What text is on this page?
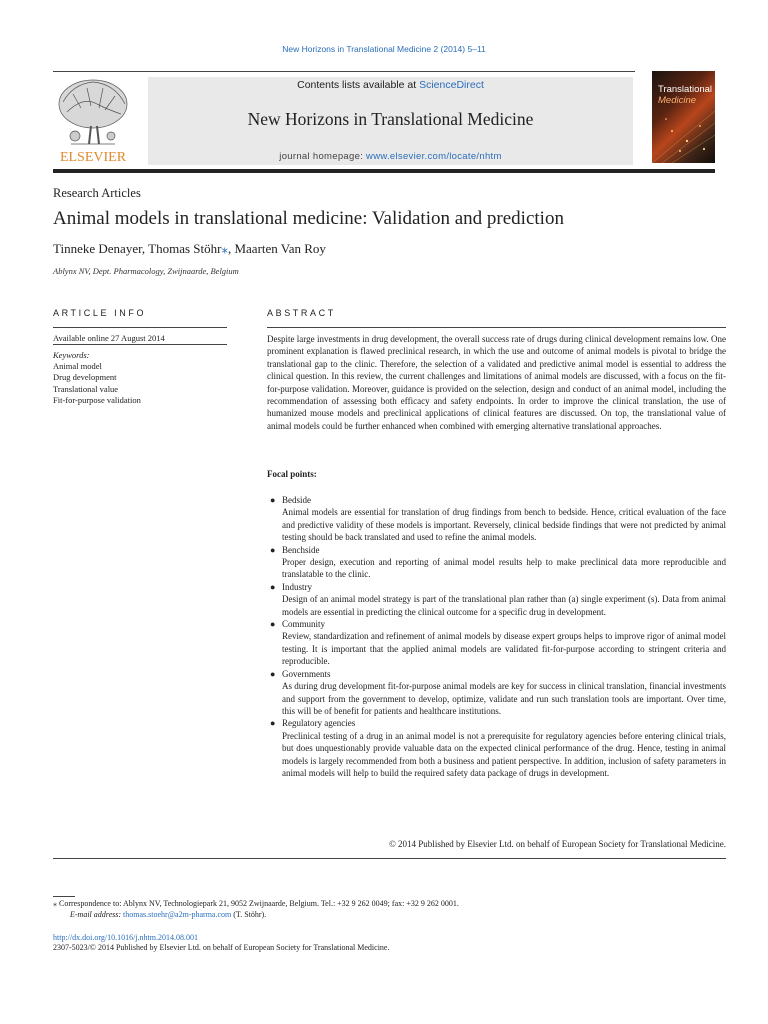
New Horizons in Translational Medicine 2 (2014) 5–11
ELSEVIER
Contents lists available at ScienceDirect
New Horizons in Translational Medicine
journal homepage: www.elsevier.com/locate/nhtm
Translational
Medicine
Research Articles
Animal models in translational medicine: Validation and prediction
Tinneke Denayer, Thomas Stöhr⁎, Maarten Van Roy
Ablynx NV, Dept. Pharmacology, Zwijnaarde, Belgium
ARTICLE INFO
Available online 27 August 2014
Keywords:
Animal model
Drug development
Translational value
Fit-for-purpose validation
ABSTRACT
Despite large investments in drug development, the overall success rate of drugs during clinical development remains low. One prominent explanation is flawed preclinical research, in which the use and outcome of animal models is pivotal to bridge the translational gap to the clinic. Therefore, the selection of a validated and predictive animal model is essential to address the clinical question. In this review, the current challenges and limitations of animal models are discussed, with a focus on the fit-for-purpose validation. Moreover, guidance is provided on the selection, design and conduct of an animal model, including the recommendation of assessing both efficacy and safety endpoints. In order to improve the clinical translation, the use of humanized mouse models and preclinical applications of clinical features are discussed. On top, the translational value of animal models could be further enhanced when combined with emerging alternative translational approaches.
Focal points:
● Bedside
Animal models are essential for translation of drug findings from bench to bedside. Hence, critical evaluation of the face and predictive validity of these models is important. Reversely, clinical bedside findings that were not predicted by animal testing should be back translated and used to refine the animal models.
● Benchside
Proper design, execution and reporting of animal model results help to make preclinical data more reproducible and translatable to the clinic.
● Industry
Design of an animal model strategy is part of the translational plan rather than (a) single experiment (s). Data from animal models are essential in predicting the clinical outcome for a specific drug in development.
● Community
Review, standardization and refinement of animal models by disease expert groups helps to improve rigor of animal model testing. It is important that the applied animal models are validated fit-for-purpose according to stringent criteria and reproducible.
● Governments
As during drug development fit-for-purpose animal models are key for success in clinical translation, financial investments and support from the government to develop, optimize, validate and run such translation tools are important. Over time, this will be of benefit for patients and healthcare institutions.
● Regulatory agencies
Preclinical testing of a drug in an animal model is not a prerequisite for regulatory agencies before entering clinical trials, but does unquestionably provide valuable data on the expected clinical performance of the drug. Hence, testing in animal models is largely recommended from both a business and patient perspective. In addition, inclusion of safety parameters in animal models will help to build the required safety data package of drugs in development.
© 2014 Published by Elsevier Ltd. on behalf of European Society for Translational Medicine.
⁎ Correspondence to: Ablynx NV, Technologiepark 21, 9052 Zwijnaarde, Belgium. Tel.: +32 9 262 0049; fax: +32 9 262 0001.
E-mail address: thomas.stoehr@a2m-pharma.com (T. Stöhr).
http://dx.doi.org/10.1016/j.nhtm.2014.08.001
2307-5023/© 2014 Published by Elsevier Ltd. on behalf of European Society for Translational Medicine.
